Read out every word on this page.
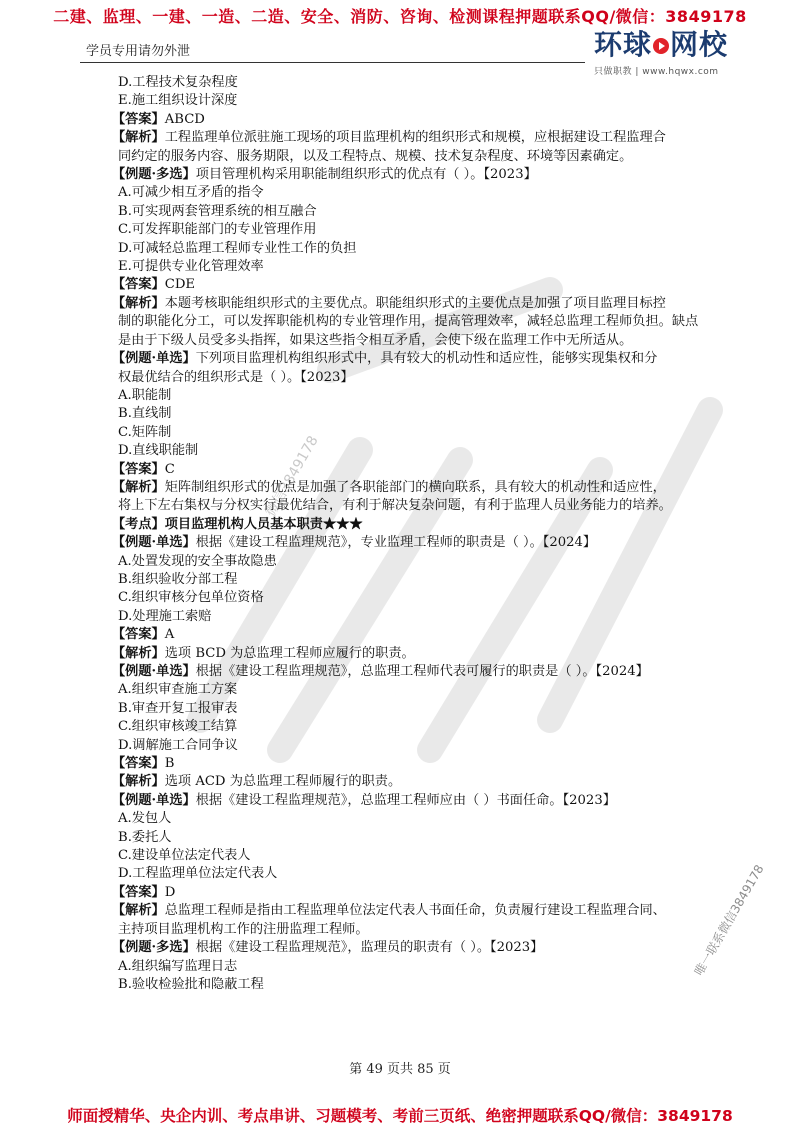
二建、监理、一建、一造、二造、安全、消防、咨询、检测课程押题联系QQ/微信：3849178
学员专用请勿外泄	环球 网校
只做职教 | www.hqwx.com
微信3849178
唯一联系微信3849178
D.工程技术复杂程度
E.施工组织设计深度
【答案】ABCD
【解析】工程监理单位派驻施工现场的项目监理机构的组织形式和规模，应根据建设工程监理合
同约定的服务内容、服务期限，以及工程特点、规模、技术复杂程度、环境等因素确定。
【例题·多选】项目管理机构采用职能制组织形式的优点有（ ）。【2023】
A.可减少相互矛盾的指令
B.可实现两套管理系统的相互融合
C.可发挥职能部门的专业管理作用
D.可减轻总监理工程师专业性工作的负担
E.可提供专业化管理效率
【答案】CDE
【解析】本题考核职能组织形式的主要优点。职能组织形式的主要优点是加强了项目监理目标控
制的职能化分工，可以发挥职能机构的专业管理作用，提高管理效率，减轻总监理工程师负担。缺点
是由于下级人员受多头指挥，如果这些指令相互矛盾，会使下级在监理工作中无所适从。
【例题·单选】下列项目监理机构组织形式中，具有较大的机动性和适应性，能够实现集权和分
权最优结合的组织形式是（ ）。【2023】
A.职能制
B.直线制
C.矩阵制
D.直线职能制
【答案】C
【解析】矩阵制组织形式的优点是加强了各职能部门的横向联系，具有较大的机动性和适应性，
将上下左右集权与分权实行最优结合，有利于解决复杂问题，有利于监理人员业务能力的培养。
【考点】项目监理机构人员基本职责★★★
【例题·单选】根据《建设工程监理规范》，专业监理工程师的职责是（ ）。【2024】
A.处置发现的安全事故隐患
B.组织验收分部工程
C.组织审核分包单位资格
D.处理施工索赔
【答案】A
【解析】选项 BCD 为总监理工程师应履行的职责。
【例题·单选】根据《建设工程监理规范》，总监理工程师代表可履行的职责是（ ）。【2024】
A.组织审查施工方案
B.审查开复工报审表
C.组织审核竣工结算
D.调解施工合同争议
【答案】B
【解析】选项 ACD 为总监理工程师履行的职责。
【例题·单选】根据《建设工程监理规范》，总监理工程师应由（ ）书面任命。【2023】
A.发包人
B.委托人
C.建设单位法定代表人
D.工程监理单位法定代表人
【答案】D
【解析】总监理工程师是指由工程监理单位法定代表人书面任命，负责履行建设工程监理合同、
主持项目监理机构工作的注册监理工程师。
【例题·多选】根据《建设工程监理规范》，监理员的职责有（ ）。【2023】
A.组织编写监理日志
B.验收检验批和隐蔽工程
第 49 页共 85 页
师面授精华、央企内训、考点串讲、习题模考、考前三页纸、绝密押题联系QQ/微信：3849178
